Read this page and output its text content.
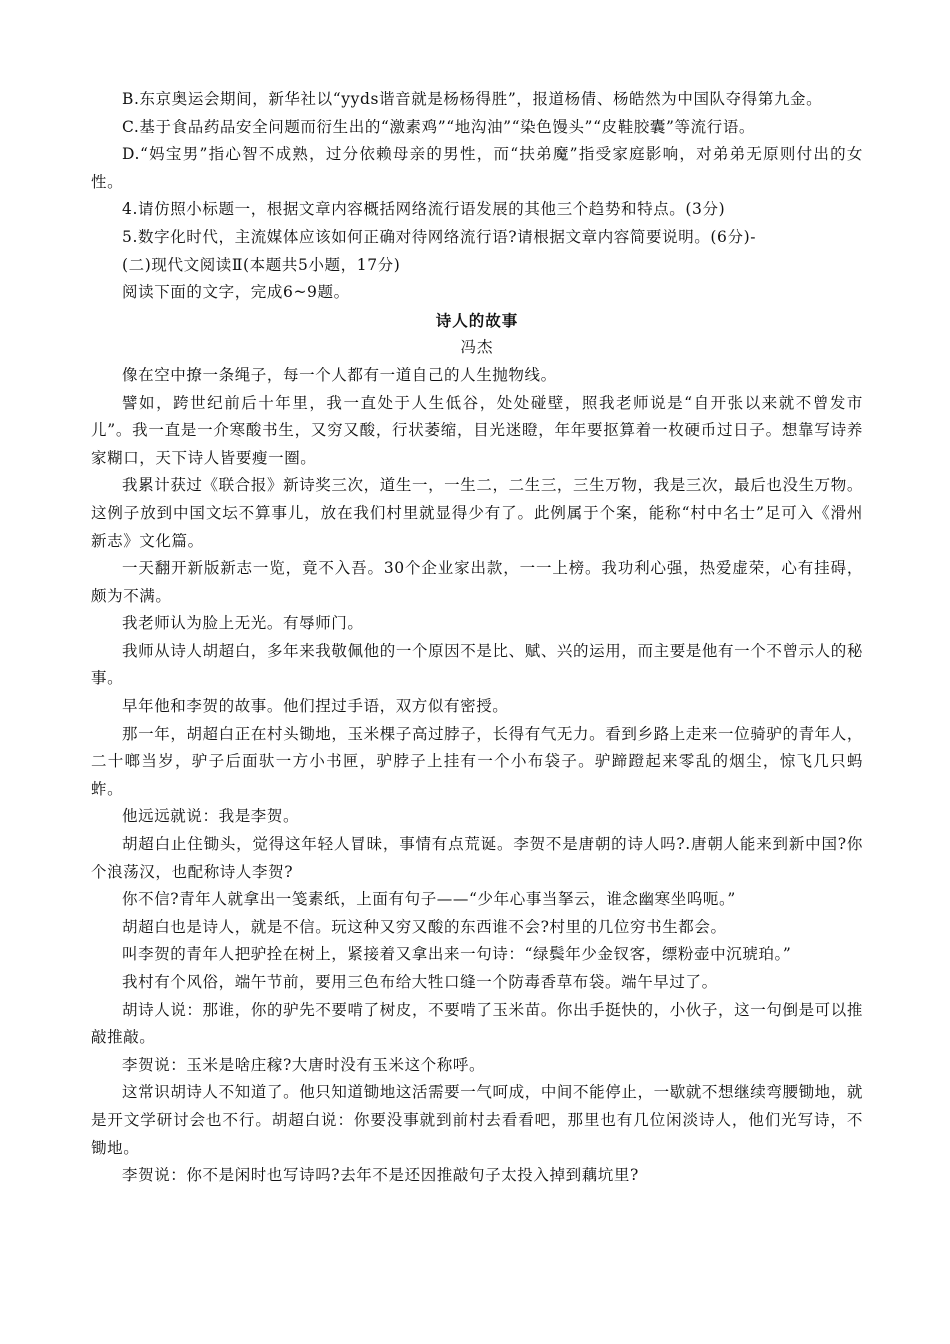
B.东京奥运会期间，新华社以“yyds谐音就是杨杨得胜”，报道杨倩、杨皓然为中国队夺得第九金。

C.基于食品药品安全问题而衍生出的“激素鸡”“地沟油”“染色馒头”“皮鞋胶囊”等流行语。

D.“妈宝男”指心智不成熟，过分依赖母亲的男性，而“扶弟魔”指受家庭影响，对弟弟无原则付出的女性。

4.请仿照小标题一，根据文章内容概括网络流行语发展的其他三个趋势和特点。(3分)

5.数字化时代，主流媒体应该如何正确对待网络流行语?请根据文章内容简要说明。(6分)-

(二)现代文阅读Ⅱ(本题共5小题，17分)

阅读下面的文字，完成6~9题。

诗人的故事

冯杰

像在空中撩一条绳子，每一个人都有一道自己的人生抛物线。

譬如，跨世纪前后十年里，我一直处于人生低谷，处处碰壁，照我老师说是“自开张以来就不曾发市儿”。我一直是一介寒酸书生，又穷又酸，行状萎缩，目光迷瞪，年年要抠算着一枚硬币过日子。想靠写诗养家糊口，天下诗人皆要瘦一圈。

我累计获过《联合报》新诗奖三次，道生一，一生二，二生三，三生万物，我是三次，最后也没生万物。这例子放到中国文坛不算事儿，放在我们村里就显得少有了。此例属于个案，能称“村中名士”足可入《滑州新志》文化篇。

一天翻开新版新志一览，竟不入吾。30个企业家出款，一一上榜。我功利心强，热爱虚荣，心有挂碍，颇为不满。

我老师认为脸上无光。有辱师门。

我师从诗人胡超白，多年来我敬佩他的一个原因不是比、赋、兴的运用，而主要是他有一个不曾示人的秘事。

早年他和李贺的故事。他们捏过手语，双方似有密授。

那一年，胡超白正在村头锄地，玉米棵子高过脖子，长得有气无力。看到乡路上走来一位骑驴的青年人，二十啷当岁，驴子后面驮一方小书匣，驴脖子上挂有一个小布袋子。驴蹄蹬起来零乱的烟尘，惊飞几只蚂蚱。

他远远就说：我是李贺。

胡超白止住锄头，觉得这年轻人冒昧，事情有点荒诞。李贺不是唐朝的诗人吗?.唐朝人能来到新中国?你个浪荡汉，也配称诗人李贺?

你不信?青年人就拿出一笺素纸，上面有句子——“少年心事当拏云，谁念幽寒坐呜呃。”

胡超白也是诗人，就是不信。玩这种又穷又酸的东西谁不会?村里的几位穷书生都会。

叫李贺的青年人把驴拴在树上，紧接着又拿出来一句诗：“绿鬓年少金钗客，缥粉壶中沉琥珀。”

我村有个风俗，端午节前，要用三色布给大牲口缝一个防毒香草布袋。端午早过了。

胡诗人说：那谁，你的驴先不要啃了树皮，不要啃了玉米苗。你出手挺快的，小伙子，这一句倒是可以推敲推敲。

李贺说：玉米是啥庄稼?大唐时没有玉米这个称呼。

这常识胡诗人不知道了。他只知道锄地这活需要一气呵成，中间不能停止，一歇就不想继续弯腰锄地，就是开文学研讨会也不行。胡超白说：你要没事就到前村去看看吧，那里也有几位闲淡诗人，他们光写诗，不锄地。

李贺说：你不是闲时也写诗吗?去年不是还因推敲句子太投入掉到藕坑里?
